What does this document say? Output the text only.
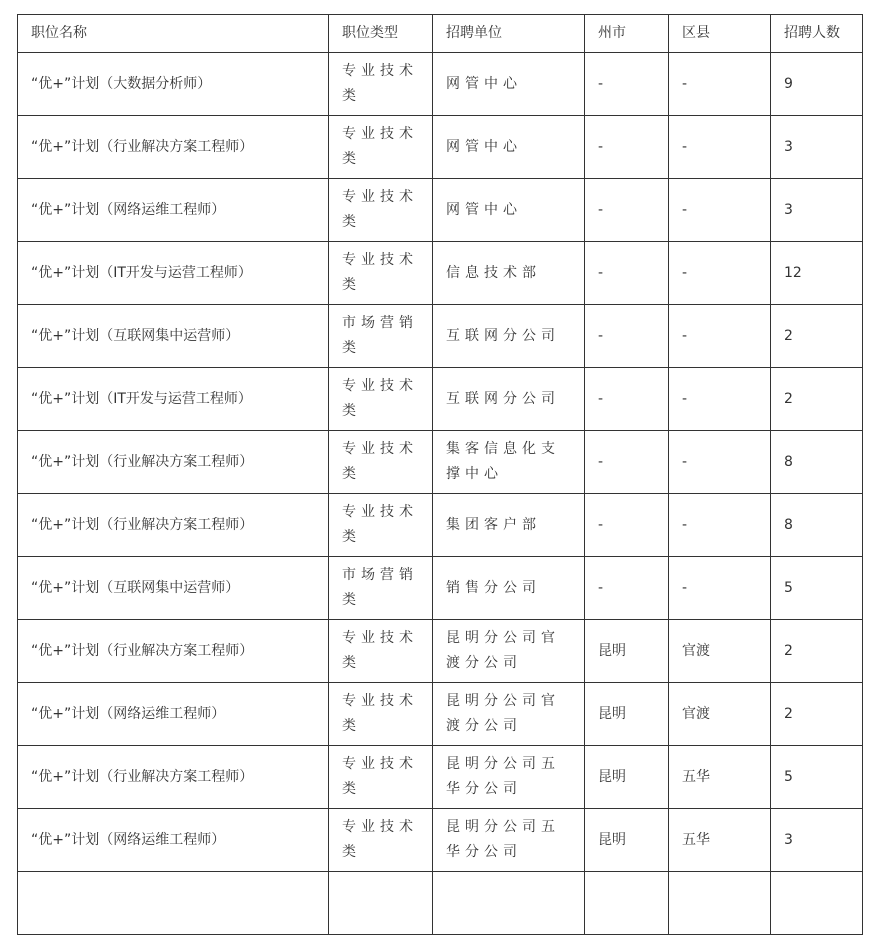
职位名称	职位类型	招聘单位	州市	区县	招聘人数
“优+”计划（大数据分析师）	专业技术类	网管中心	-	-	9
“优+”计划（行业解决方案工程师）	专业技术类	网管中心	-	-	3
“优+”计划（网络运维工程师）	专业技术类	网管中心	-	-	3
“优+”计划（IT开发与运营工程师）	专业技术类	信息技术部	-	-	12
“优+”计划（互联网集中运营师）	市场营销类	互联网分公司	-	-	2
“优+”计划（IT开发与运营工程师）	专业技术类	互联网分公司	-	-	2
“优+”计划（行业解决方案工程师）	专业技术类	集客信息化支撑中心	-	-	8
“优+”计划（行业解决方案工程师）	专业技术类	集团客户部	-	-	8
“优+”计划（互联网集中运营师）	市场营销类	销售分公司	-	-	5
“优+”计划（行业解决方案工程师）	专业技术类	昆明分公司官渡分公司	昆明	官渡	2
“优+”计划（网络运维工程师）	专业技术类	昆明分公司官渡分公司	昆明	官渡	2
“优+”计划（行业解决方案工程师）	专业技术类	昆明分公司五华分公司	昆明	五华	5
“优+”计划（网络运维工程师）	专业技术类	昆明分公司五华分公司	昆明	五华	3
